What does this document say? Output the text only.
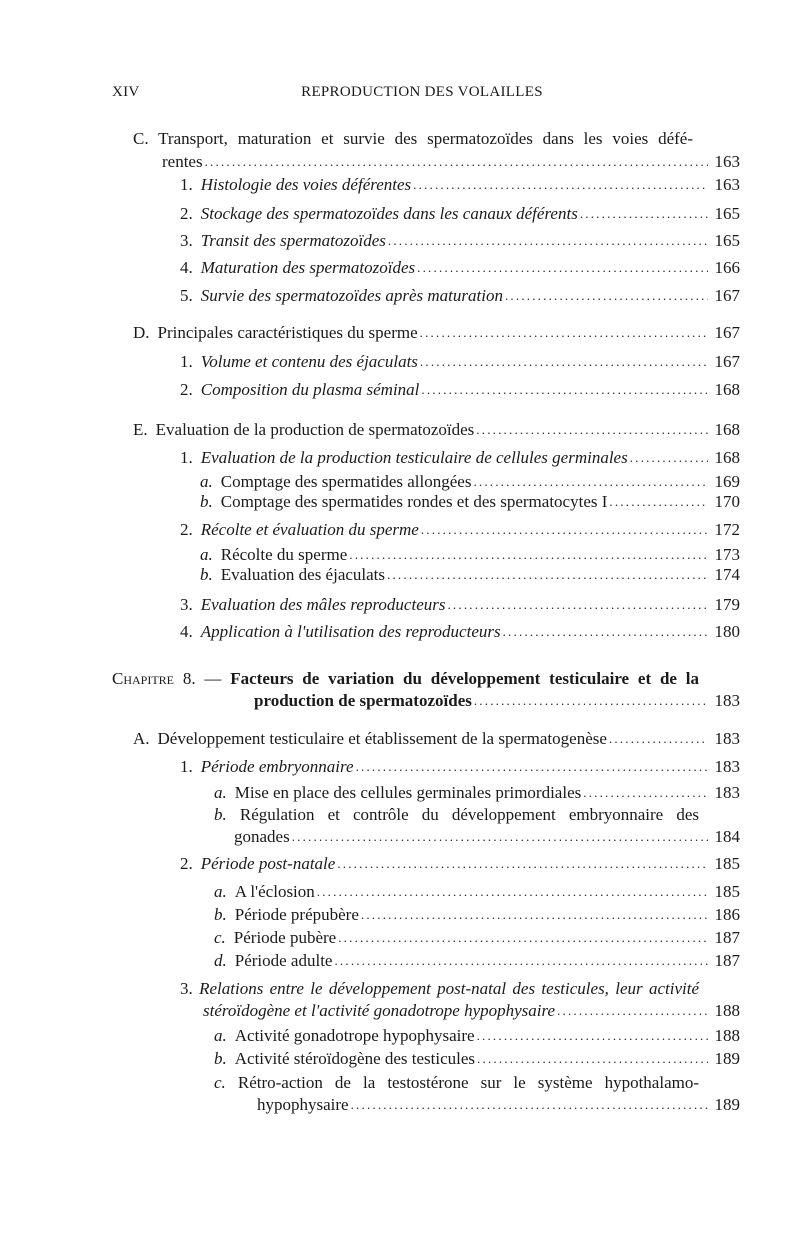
XIV	REPRODUCTION DES VOLAILLES
C. Transport, maturation et survie des spermatozoïdes dans les voies défé-
rentes .....	163
1. Histologie des voies déférentes .....	163
2. Stockage des spermatozoïdes dans les canaux déférents .....	165
3. Transit des spermatozoïdes .....	165
4. Maturation des spermatozoïdes .....	166
5. Survie des spermatozoïdes après maturation .....	167
D. Principales caractéristiques du sperme .....	167
1. Volume et contenu des éjaculats .....	167
2. Composition du plasma séminal .....	168
E. Evaluation de la production de spermatozoïdes .....	168
1. Evaluation de la production testiculaire de cellules germinales .....	168
a. Comptage des spermatides allongées .....	169
b. Comptage des spermatides rondes et des spermatocytes I .....	170
2. Récolte et évaluation du sperme .....	172
a. Récolte du sperme .....	173
b. Evaluation des éjaculats .....	174
3. Evaluation des mâles reproducteurs .....	179
4. Application à l'utilisation des reproducteurs .....	180
Chapitre 8. — Facteurs de variation du développement testiculaire et de la
production de spermatozoïdes .....	183
A. Développement testiculaire et établissement de la spermatogenèse .....	183
1. Période embryonnaire .....	183
a. Mise en place des cellules germinales primordiales .....	183
b. Régulation et contrôle du développement embryonnaire des
gonades .....	184
2. Période post-natale .....	185
a. A l'éclosion .....	185
b. Période prépubère .....	186
c. Période pubère .....	187
d. Période adulte .....	187
3. Relations entre le développement post-natal des testicules, leur activité
stéroïdogène et l'activité gonadotrope hypophysaire .....	188
a. Activité gonadotrope hypophysaire .....	188
b. Activité stéroïdogène des testicules .....	189
c. Rétro-action de la testostérone sur le système hypothalamo-
hypophysaire .....	189
